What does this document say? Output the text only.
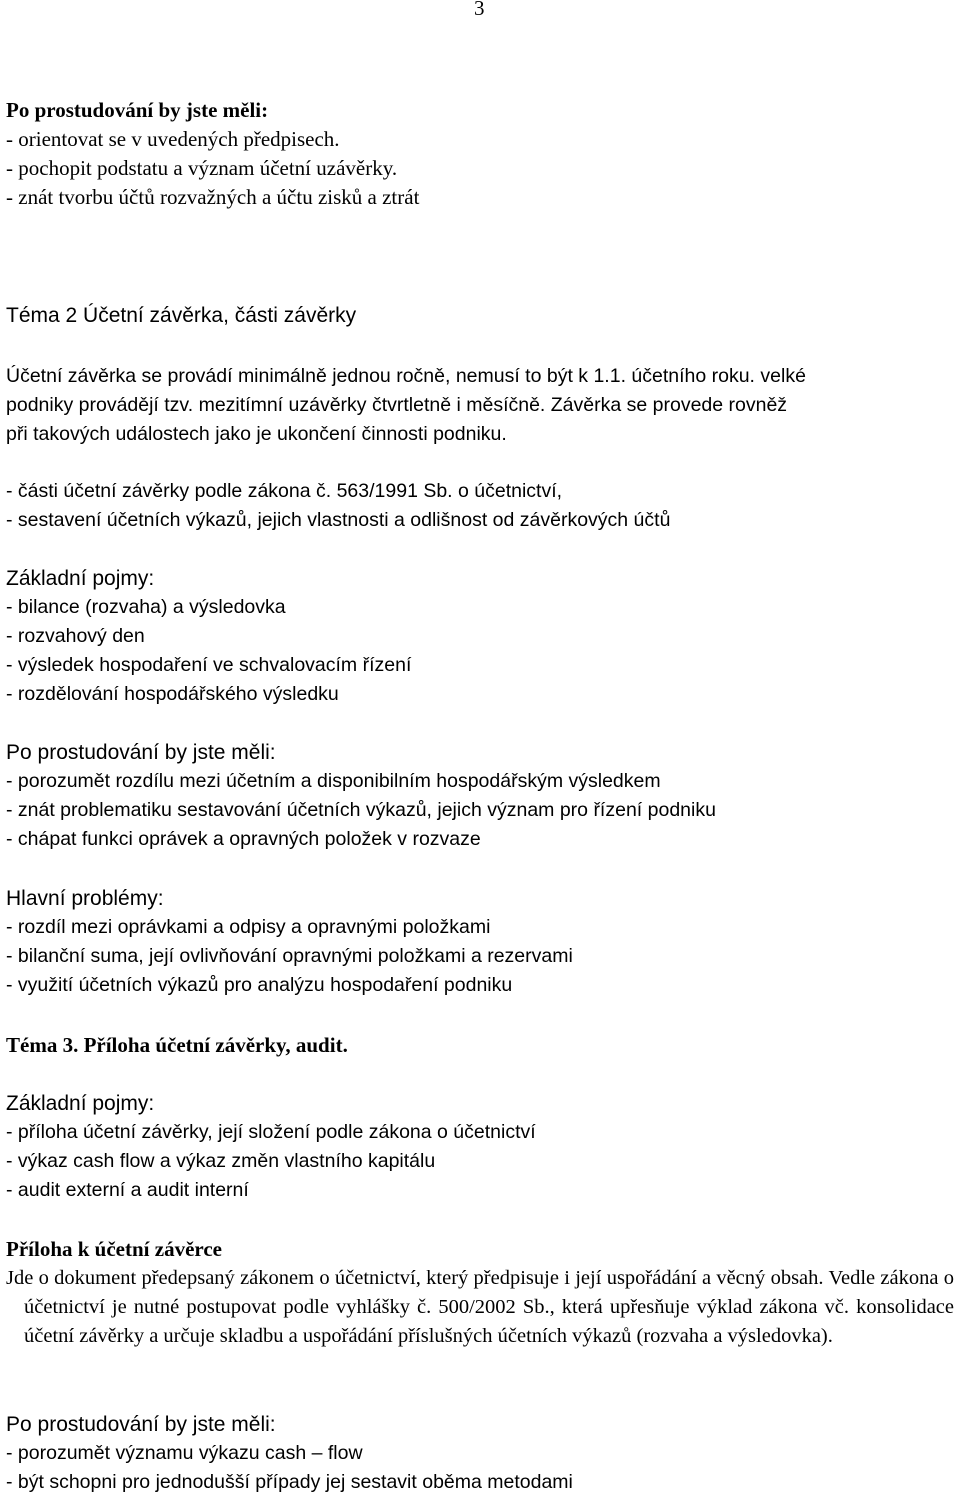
3
Po prostudování by jste měli:
- orientovat se v uvedených předpisech.
- pochopit podstatu a význam účetní uzávěrky.
- znát tvorbu účtů rozvažných a účtu zisků a ztrát
Téma 2 Účetní závěrka, části závěrky
Účetní závěrka se provádí minimálně jednou ročně, nemusí to být k 1.1. účetního roku. velké
podniky provádějí tzv. mezitímní uzávěrky čtvrtletně i měsíčně. Závěrka se provede rovněž
při takových událostech jako je ukončení činnosti podniku.
- části účetní závěrky podle zákona č. 563/1991 Sb. o účetnictví,
- sestavení účetních výkazů, jejich vlastnosti a odlišnost od závěrkových účtů
Základní pojmy:
- bilance (rozvaha) a výsledovka
- rozvahový den
- výsledek hospodaření ve schvalovacím řízení
- rozdělování hospodářského výsledku
Po prostudování by jste měli:
- porozumět rozdílu mezi účetním a disponibilním hospodářským výsledkem
- znát problematiku sestavování účetních výkazů, jejich význam pro řízení podniku
- chápat funkci oprávek a opravných položek v rozvaze
Hlavní problémy:
- rozdíl mezi oprávkami a odpisy a opravnými položkami
- bilanční suma, její ovlivňování opravnými položkami a rezervami
- využití účetních výkazů pro analýzu hospodaření podniku
Téma 3. Příloha účetní závěrky, audit.
Základní pojmy:
- příloha účetní závěrky, její složení podle zákona o účetnictví
- výkaz cash flow a výkaz změn vlastního kapitálu
- audit externí a audit interní
Příloha k účetní závěrce
Jde o dokument předepsaný zákonem o účetnictví, který předpisuje i její uspořádání a věcný obsah. Vedle zákona o účetnictví je nutné postupovat podle vyhlášky č. 500/2002 Sb., která upřesňuje výklad zákona vč. konsolidace účetní závěrky a určuje skladbu a uspořádání příslušných účetních výkazů (rozvaha a výsledovka).
Po prostudování by jste měli:
- porozumět významu výkazu cash – flow
- být schopni pro jednodušší případy jej sestavit oběma metodami
